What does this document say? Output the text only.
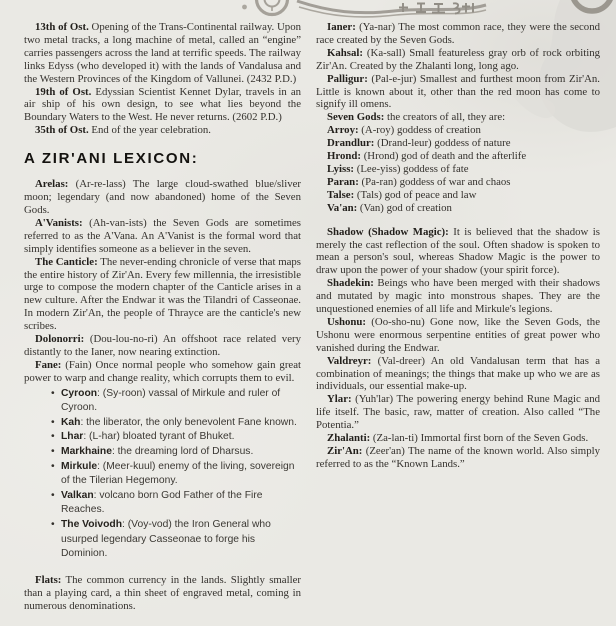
13th of Ost. Opening of the Trans-Continental railway. Upon two metal tracks, a long machine of metal, called an “engine” carries passengers across the land at terrific speeds. The railway links Edyss (who developed it) with the lands of Vandalusa and the Western Provinces of the Kingdom of Vallunei. (2432 P.D.)

19th of Ost. Edyssian Scientist Kennet Dylar, travels in an air ship of his own design, to see what lies beyond the Boundary Waters to the West. He never returns. (2602 P.D.)

35th of Ost. End of the year celebration.

A ZIR'ANI LEXICON:

Arelas: (Ar-re-lass) The large cloud-swathed blue/sliver moon; legendary (and now abandoned) home of the Seven Gods.

A'Vanists: (Ah-van-ists) the Seven Gods are sometimes referred to as the A'Vana. An A'Vanist is the formal word that simply identifies someone as a believer in the seven.

The Canticle: The never-ending chronicle of verse that maps the entire history of Zir'An. Every few millennia, the irresistible urge to compose the modern chapter of the Canticle arises in a new culture. After the Endwar it was the Tilandri of Casseonae. In modern Zir'An, the people of Thrayce are the canticle's new scribes.

Dolonorri: (Dou-lou-no-ri) An offshoot race related very distantly to the Ianer, now nearing extinction.

Fane: (Fain) Once normal people who somehow gain great power to warp and change reality, which corrupts them to evil.

• Cyroon: (Sy-roon) vassal of Mirkule and ruler of Cyroon.
• Kah: the liberator, the only benevolent Fane known.
• Lhar: (L-har) bloated tyrant of Bhuket.
• Markhaine: the dreaming lord of Dharsus.
• Mirkule: (Meer-kuul) enemy of the living, sovereign of the Tilerian Hegemony.
• Valkan: volcano born God Father of the Fire Reaches.
• The Voivodh: (Voy-vod) the Iron General who usurped legendary Casseonae to forge his Dominion.

Flats: The common currency in the lands. Slightly smaller than a playing card, a thin sheet of engraved metal, coming in numerous denominations.

Ianer: (Ya-nar) The most common race, they were the second race created by the Seven Gods.

Kahsal: (Ka-sall) Small featureless gray orb of rock orbiting Zir'An. Created by the Zhalanti long, long ago.

Palligur: (Pal-e-jur) Smallest and furthest moon from Zir'An. Little is known about it, other than the red moon has come to signify ill omens.

Seven Gods: the creators of all, they are:
Arroy: (A-roy) goddess of creation
Drandlur: (Drand-leur) goddess of nature
Hrond: (Hrond) god of death and the afterlife
Lyiss: (Lee-yiss) goddess of fate
Paran: (Pa-ran) goddess of war and chaos
Talse: (Tals) god of peace and law
Va'an: (Van) god of creation

Shadow (Shadow Magic): It is believed that the shadow is merely the cast reflection of the soul. Often shadow is spoken to mean a person's soul, whereas Shadow Magic is the power to draw upon the power of your shadow (your spirit force).

Shadekin: Beings who have been merged with their shadows and mutated by magic into monstrous shapes. They are the unquestioned enemies of all life and Mirkule's legions.

Ushonu: (Oo-sho-nu) Gone now, like the Seven Gods, the Ushonu were enormous serpentine entities of great power who vanished during the Endwar.

Valdreyr: (Val-dreer) An old Vandalusan term that has a combination of meanings; the things that make up who we are as individuals, our essential make-up.

Ylar: (Yuh'lar) The powering energy behind Rune Magic and life itself. The basic, raw, matter of creation. Also called “The Potentia.”

Zhalanti: (Za-lan-ti) Immortal first born of the Seven Gods.

Zir'An: (Zeer'an) The name of the known world. Also simply referred to as the “Known Lands.”
